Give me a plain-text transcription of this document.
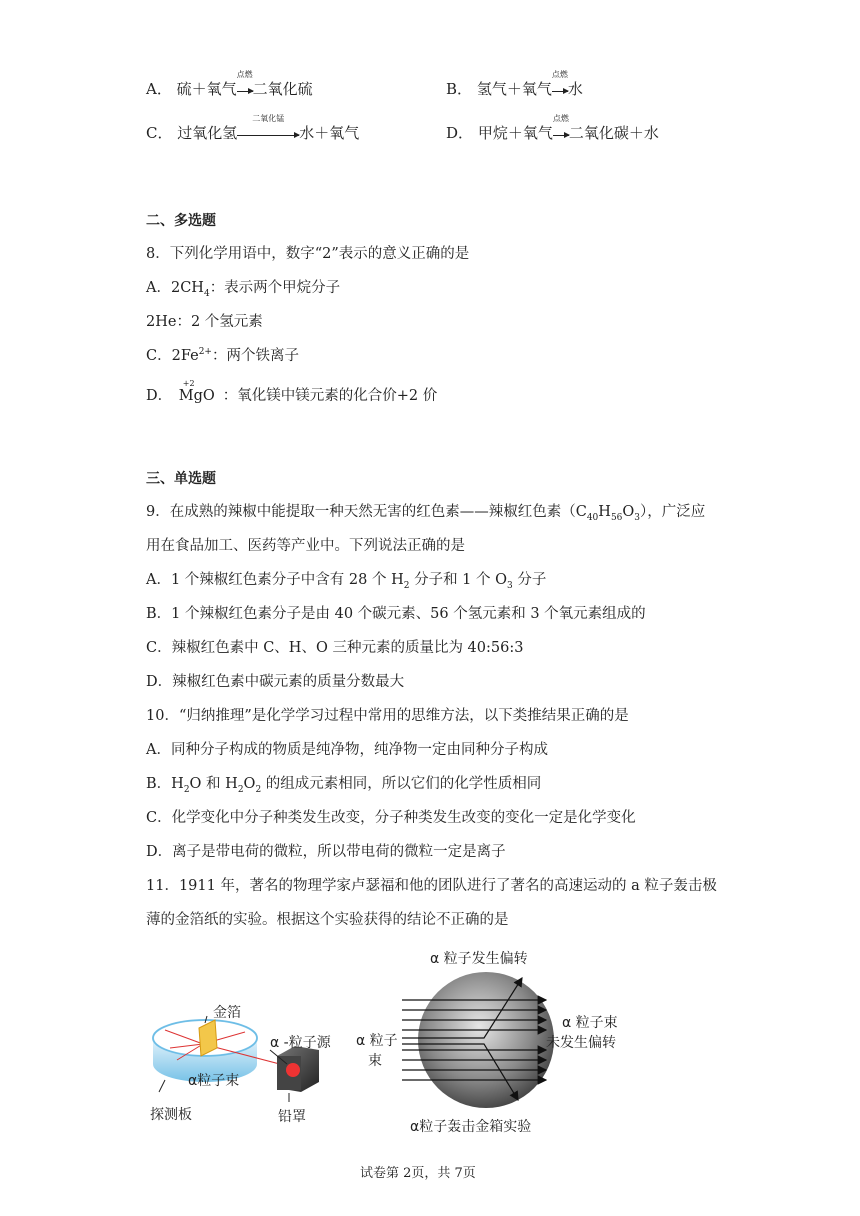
A． 硫＋氧气
点燃
二氧化硫	B． 氢气＋氧气
点燃
水
C． 过氧化氢
二氧化锰
水＋氧气	D． 甲烷＋氧气
点燃
二氧化碳＋水
二、多选题
8．下列化学用语中，数字“2”表示的意义正确的是
A．$2CH_4$：表示两个甲烷分子
2He：2 个氢元素
C．$2Fe^{2+}$：两个铁离子
D．
+2
MgO ：氧化镁中镁元素的化合价+2 价
三、单选题
9．在成熟的辣椒中能提取一种天然无害的红色素——辣椒红色素$(C_{40}H_{56}O_3)$，广泛应
用在食品加工、医药等产业中。下列说法正确的是
A．1 个辣椒红色素分子中含有 28 个 $H_2$ 分子和 1 个 $O_3$ 分子
B．1 个辣椒红色素分子是由 40 个碳元素、56 个氢元素和 3 个氧元素组成的
C．辣椒红色素中 C、H、O 三种元素的质量比为 40:56:3
D．辣椒红色素中碳元素的质量分数最大
10．“归纳推理”是化学学习过程中常用的思维方法，以下类推结果正确的是
A．同种分子构成的物质是纯净物，纯净物一定由同种分子构成
B．$H_2O$ 和 $H_2O_2$ 的组成元素相同，所以它们的化学性质相同
C．化学变化中分子种类发生改变，分子种类发生改变的变化一定是化学变化
D．离子是带电荷的微粒，所以带电荷的微粒一定是离子
11．1911 年，著名的物理学家卢瑟福和他的团队进行了著名的高速运动的 a 粒子轰击极
薄的金箔纸的实验。根据这个实验获得的结论不正确的是
金箔
α -粒子源
α粒子束
探测板	铅罩
α 粒子发生偏转
α 粒子
束
α 粒子束
未发生偏转
α粒子轰击金箱实验
试卷第 2页，共 7页
